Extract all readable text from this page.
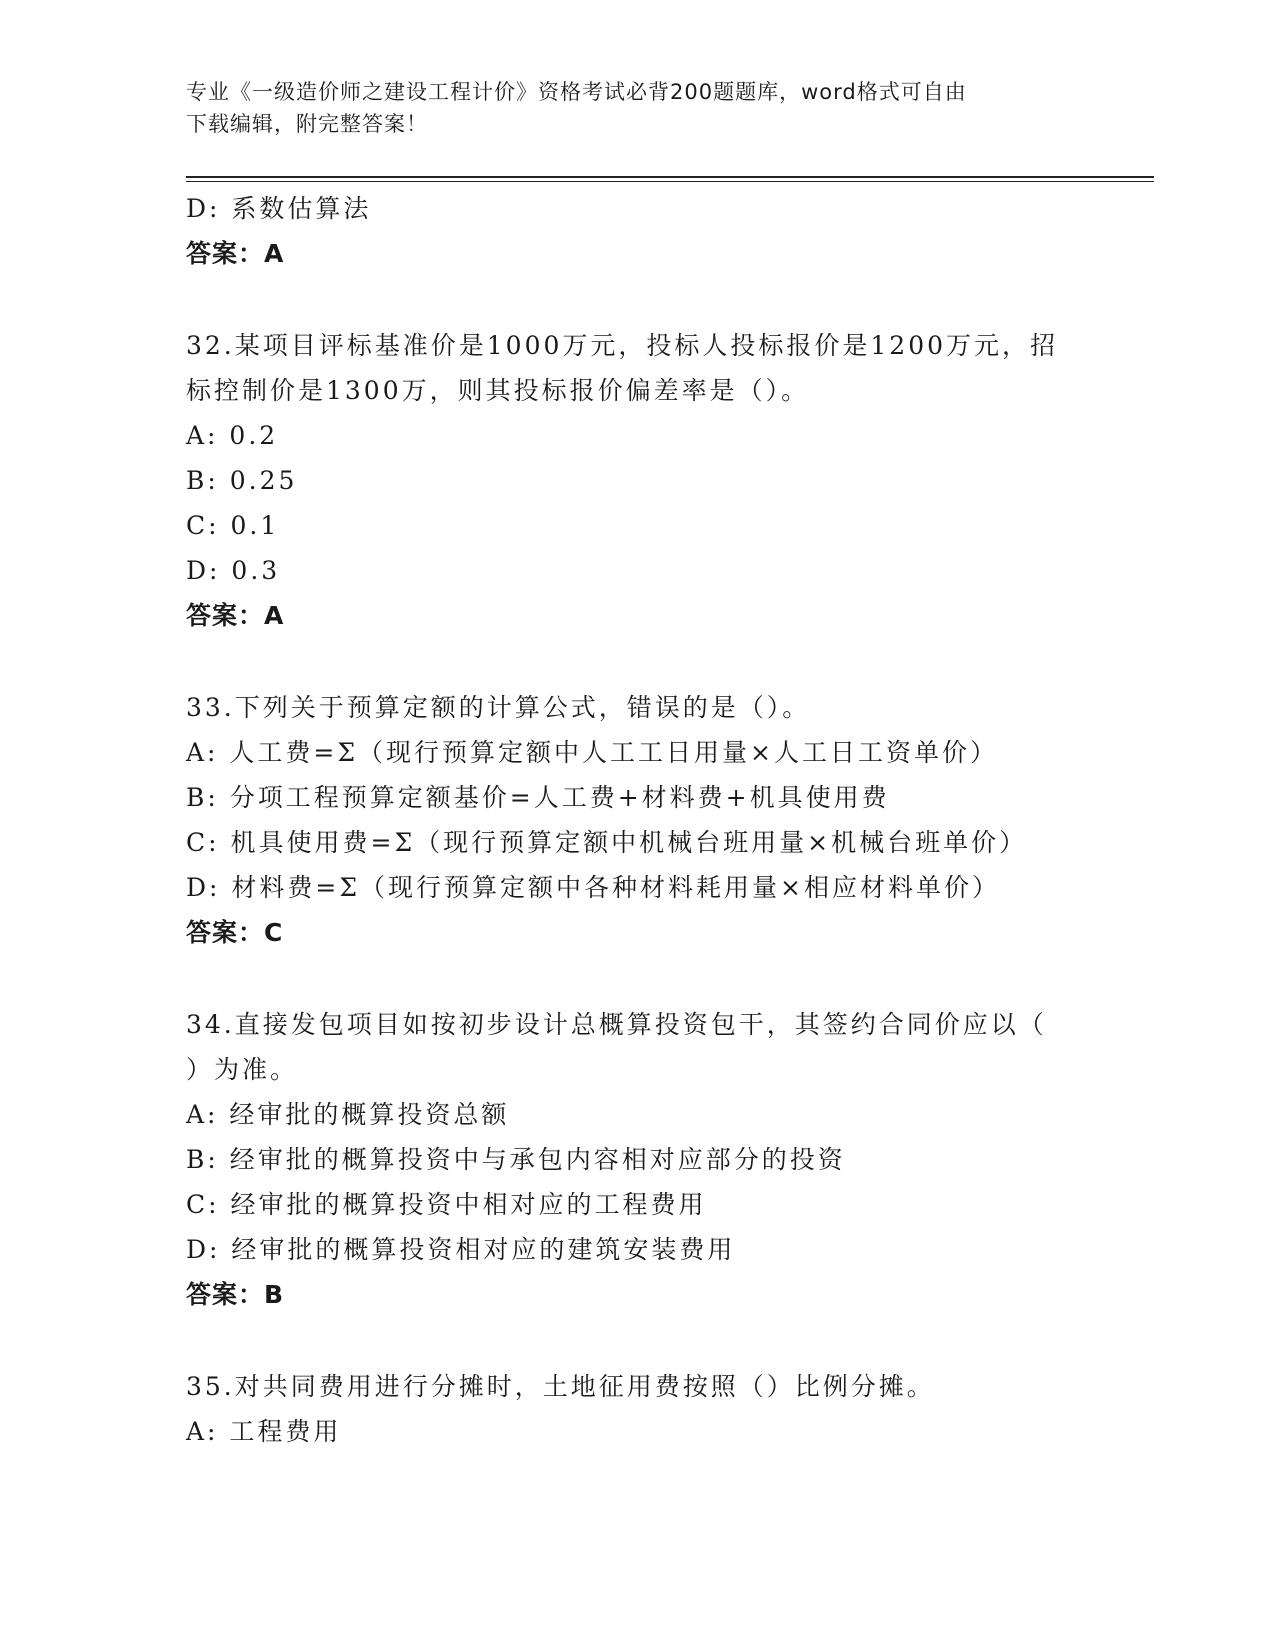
专业《一级造价师之建设工程计价》资格考试必背200题题库，word格式可自由
下载编辑，附完整答案！
D: 系数估算法
答案：A
32.某项目评标基准价是1000万元，投标人投标报价是1200万元，招
标控制价是1300万，则其投标报价偏差率是（）。
A: 0.2
B: 0.25
C: 0.1
D: 0.3
答案：A
33.下列关于预算定额的计算公式，错误的是（）。
A: 人工费=Σ（现行预算定额中人工工日用量×人工日工资单价）
B: 分项工程预算定额基价=人工费+材料费+机具使用费
C: 机具使用费=Σ（现行预算定额中机械台班用量×机械台班单价）
D: 材料费=Σ（现行预算定额中各种材料耗用量×相应材料单价）
答案：C
34.直接发包项目如按初步设计总概算投资包干，其签约合同价应以（
）为准。
A: 经审批的概算投资总额
B: 经审批的概算投资中与承包内容相对应部分的投资
C: 经审批的概算投资中相对应的工程费用
D: 经审批的概算投资相对应的建筑安装费用
答案：B
35.对共同费用进行分摊时，土地征用费按照（）比例分摊。
A: 工程费用
